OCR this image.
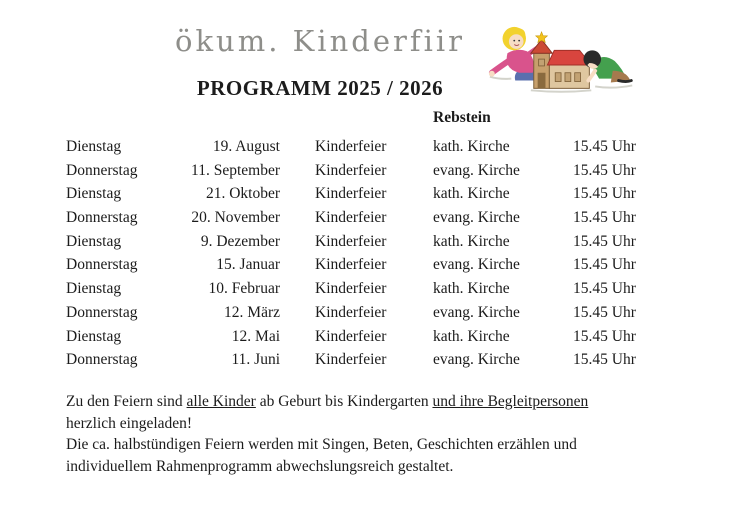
ökum. Kinderfiir
PROGRAMM 2025 / 2026
Rebstein
Dienstag	19. August	Kinderfeier	kath. Kirche	15.45 Uhr
Donnerstag	11. September	Kinderfeier	evang. Kirche	15.45 Uhr
Dienstag	21. Oktober	Kinderfeier	kath. Kirche	15.45 Uhr
Donnerstag	20. November	Kinderfeier	evang. Kirche	15.45 Uhr
Dienstag	9. Dezember	Kinderfeier	kath. Kirche	15.45 Uhr
Donnerstag	15. Januar	Kinderfeier	evang. Kirche	15.45 Uhr
Dienstag	10. Februar	Kinderfeier	kath. Kirche	15.45 Uhr
Donnerstag	12. März	Kinderfeier	evang. Kirche	15.45 Uhr
Dienstag	12. Mai	Kinderfeier	kath. Kirche	15.45 Uhr
Donnerstag	11. Juni	Kinderfeier	evang. Kirche	15.45 Uhr

Zu den Feiern sind alle Kinder ab Geburt bis Kindergarten und ihre Begleitpersonen

herzlich eingeladen!

Die ca. halbstündigen Feiern werden mit Singen, Beten, Geschichten erzählen und

individuellem Rahmenprogramm abwechslungsreich gestaltet.
